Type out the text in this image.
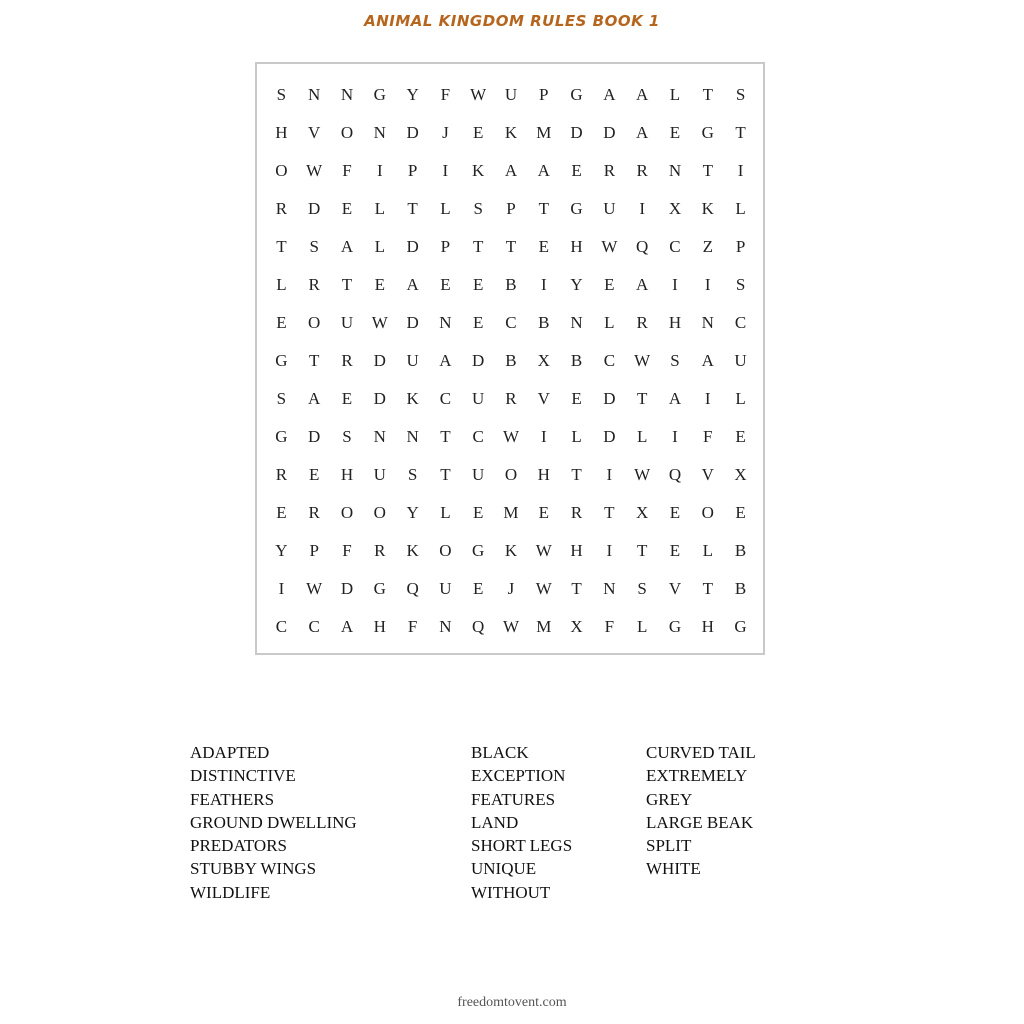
ANIMAL KINGDOM RULES BOOK 1
S	N	N	G	Y	F	W	U	P	G	A	A	L	T	S
H	V	O	N	D	J	E	K	M	D	D	A	E	G	T
O	W	F	I	P	I	K	A	A	E	R	R	N	T	I
R	D	E	L	T	L	S	P	T	G	U	I	X	K	L
T	S	A	L	D	P	T	T	E	H	W	Q	C	Z	P
L	R	T	E	A	E	E	B	I	Y	E	A	I	I	S
E	O	U	W	D	N	E	C	B	N	L	R	H	N	C
G	T	R	D	U	A	D	B	X	B	C	W	S	A	U
S	A	E	D	K	C	U	R	V	E	D	T	A	I	L
G	D	S	N	N	T	C	W	I	L	D	L	I	F	E
R	E	H	U	S	T	U	O	H	T	I	W	Q	V	X
E	R	O	O	Y	L	E	M	E	R	T	X	E	O	E
Y	P	F	R	K	O	G	K	W	H	I	T	E	L	B
I	W	D	G	Q	U	E	J	W	T	N	S	V	T	B
C	C	A	H	F	N	Q	W	M	X	F	L	G	H	G
ADAPTED
DISTINCTIVE
FEATHERS
GROUND DWELLING
PREDATORS
STUBBY WINGS
WILDLIFE
BLACK
EXCEPTION
FEATURES
LAND
SHORT LEGS
UNIQUE
WITHOUT
CURVED TAIL
EXTREMELY
GREY
LARGE BEAK
SPLIT
WHITE
freedomtovent.com
